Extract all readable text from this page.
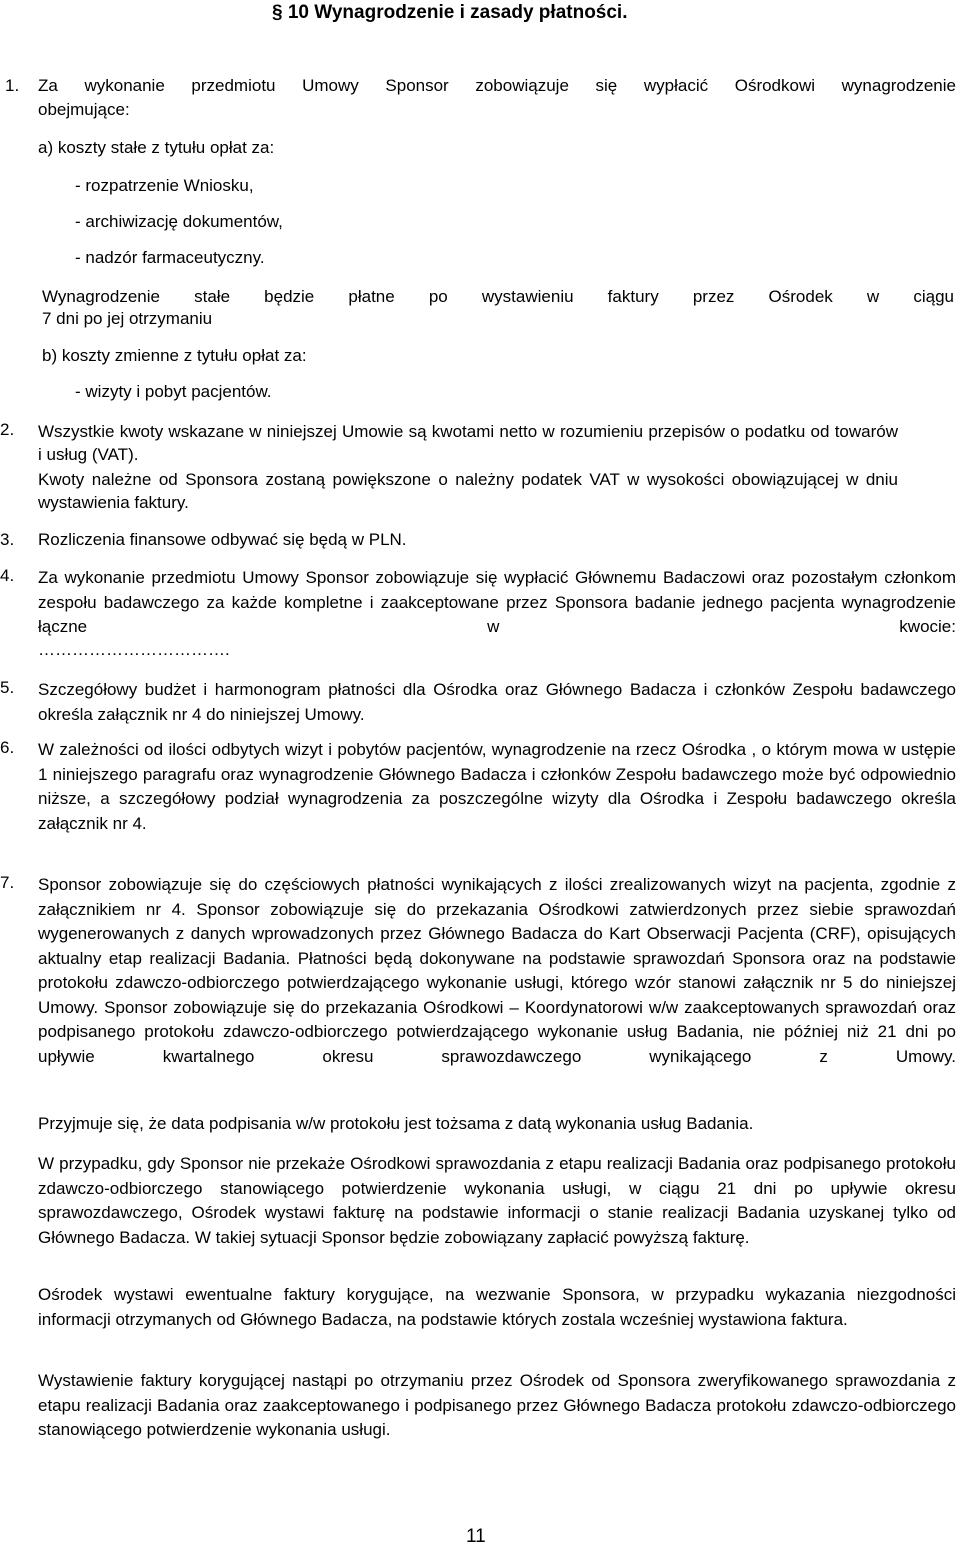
§ 10 Wynagrodzenie i zasady płatności.
1. Za wykonanie przedmiotu Umowy Sponsor zobowiązuje się wypłacić Ośrodkowi wynagrodzenie
obejmujące:
a) koszty stałe z tytułu opłat za:
- rozpatrzenie Wniosku,
- archiwizację dokumentów,
- nadzór farmaceutyczny.
Wynagrodzenie stałe będzie płatne po wystawieniu faktury przez Ośrodek w ciągu
7 dni po jej otrzymaniu
b) koszty zmienne z tytułu opłat za:
- wizyty i pobyt pacjentów.
2. Wszystkie kwoty wskazane w niniejszej Umowie są kwotami netto w rozumieniu przepisów o podatku od towarów i usług (VAT).
Kwoty należne od Sponsora zostaną powiększone o należny podatek VAT w wysokości obowiązującej w dniu wystawienia faktury.
3. Rozliczenia finansowe odbywać się będą w PLN.
4. Za wykonanie przedmiotu Umowy Sponsor zobowiązuje się wypłacić Głównemu Badaczowi oraz pozostałym członkom zespołu badawczego za każde kompletne i zaakceptowane przez Sponsora badanie jednego pacjenta wynagrodzenie łączne w kwocie:
…………………………….
5. Szczegółowy budżet i harmonogram płatności dla Ośrodka oraz Głównego Badacza i członków Zespołu badawczego określa załącznik nr 4 do niniejszej Umowy.
6. W zależności od ilości odbytych wizyt i pobytów pacjentów, wynagrodzenie na rzecz Ośrodka , o którym mowa w ustępie 1 niniejszego paragrafu oraz wynagrodzenie Głównego Badacza i członków Zespołu badawczego może być odpowiednio niższe, a szczegółowy podział wynagrodzenia za poszczególne wizyty dla Ośrodka i Zespołu badawczego określa załącznik nr 4.
7. Sponsor zobowiązuje się do częściowych płatności wynikających z ilości zrealizowanych wizyt na pacjenta, zgodnie z załącznikiem nr 4. Sponsor zobowiązuje się do przekazania Ośrodkowi zatwierdzonych przez siebie sprawozdań wygenerowanych z danych wprowadzonych przez Głównego Badacza do Kart Obserwacji Pacjenta (CRF), opisujących aktualny etap realizacji Badania. Płatności będą dokonywane na podstawie sprawozdań Sponsora oraz na podstawie protokołu zdawczo-odbiorczego potwierdzającego wykonanie usługi, którego wzór stanowi załącznik nr 5 do niniejszej Umowy. Sponsor zobowiązuje się do przekazania Ośrodkowi – Koordynatorowi w/w zaakceptowanych sprawozdań oraz podpisanego protokołu zdawczo-odbiorczego potwierdzającego wykonanie usług Badania, nie później niż 21 dni po upływie kwartalnego okresu sprawozdawczego wynikającego z Umowy.
Przyjmuje się, że data podpisania w/w protokołu jest tożsama z datą wykonania usług Badania.
W przypadku, gdy Sponsor nie przekaże Ośrodkowi sprawozdania z etapu realizacji Badania oraz podpisanego protokołu zdawczo-odbiorczego stanowiącego potwierdzenie wykonania usługi, w ciągu 21 dni po upływie okresu sprawozdawczego, Ośrodek wystawi fakturę na podstawie informacji o stanie realizacji Badania uzyskanej tylko od Głównego Badacza. W takiej sytuacji Sponsor będzie zobowiązany zapłacić powyższą fakturę.
Ośrodek wystawi ewentualne faktury korygujące, na wezwanie Sponsora, w przypadku wykazania niezgodności informacji otrzymanych od Głównego Badacza, na podstawie których zostala wcześniej wystawiona faktura.
Wystawienie faktury korygującej nastąpi po otrzymaniu przez Ośrodek od Sponsora zweryfikowanego sprawozdania z etapu realizacji Badania oraz zaakceptowanego i podpisanego przez Głównego Badacza protokołu zdawczo-odbiorczego stanowiącego potwierdzenie wykonania usługi.
11
